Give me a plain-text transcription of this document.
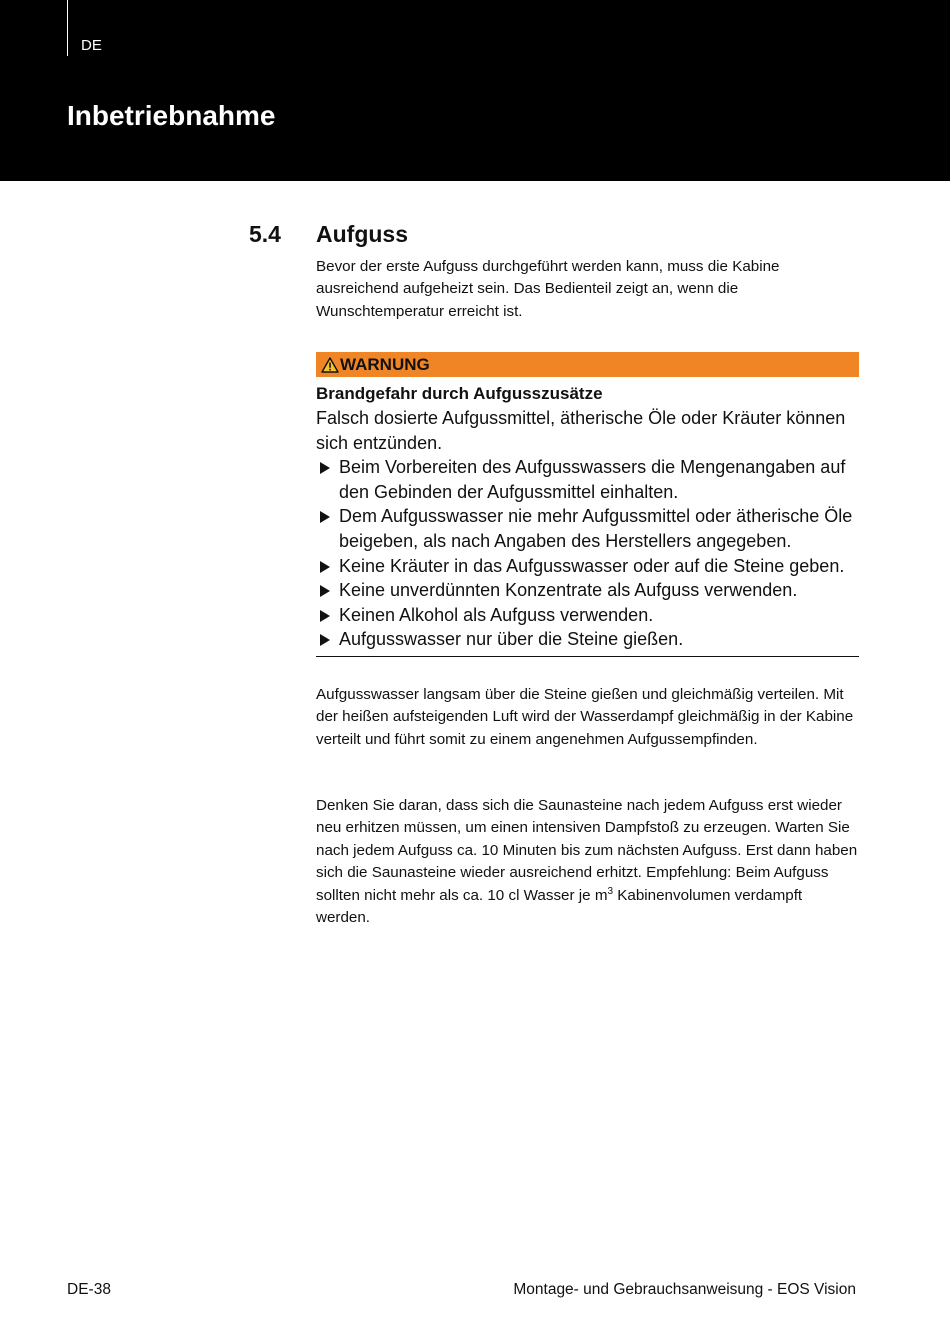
DE
Inbetriebnahme
5.4 Aufguss

Bevor der erste Aufguss durchgeführt werden kann, muss die Kabine ausreichend aufgeheizt sein. Das Bedienteil zeigt an, wenn die Wunschtemperatur erreicht ist.

WARNUNG

Brandgefahr durch Aufgusszusätze

Falsch dosierte Aufgussmittel, ätherische Öle oder Kräuter können sich entzünden.

Beim Vorbereiten des Aufgusswassers die Mengenangaben auf den Gebinden der Aufgussmittel einhalten.
Dem Aufgusswasser nie mehr Aufgussmittel oder ätherische Öle beigeben, als nach Angaben des Herstellers angegeben.
Keine Kräuter in das Aufgusswasser oder auf die Steine geben.
Keine unverdünnten Konzentrate als Aufguss verwenden.
Keinen Alkohol als Aufguss verwenden.
Aufgusswasser nur über die Steine gießen.

Aufgusswasser langsam über die Steine gießen und gleichmäßig verteilen. Mit der heißen aufsteigenden Luft wird der Wasserdampf gleichmäßig in der Kabine verteilt und führt somit zu einem angenehmen Aufgussempfinden.

Denken Sie daran, dass sich die Saunasteine nach jedem Aufguss erst wieder neu erhitzen müssen, um einen intensiven Dampfstoß zu erzeugen. Warten Sie nach jedem Aufguss ca. 10 Minuten bis zum nächsten Aufguss. Erst dann haben sich die Saunasteine wieder ausreichend erhitzt. Empfehlung: Beim Aufguss sollten nicht mehr als ca. 10 cl Wasser je $m^3$ Kabinenvolumen verdampft werden.

DE-38	Montage- und Gebrauchsanweisung - EOS Vision
